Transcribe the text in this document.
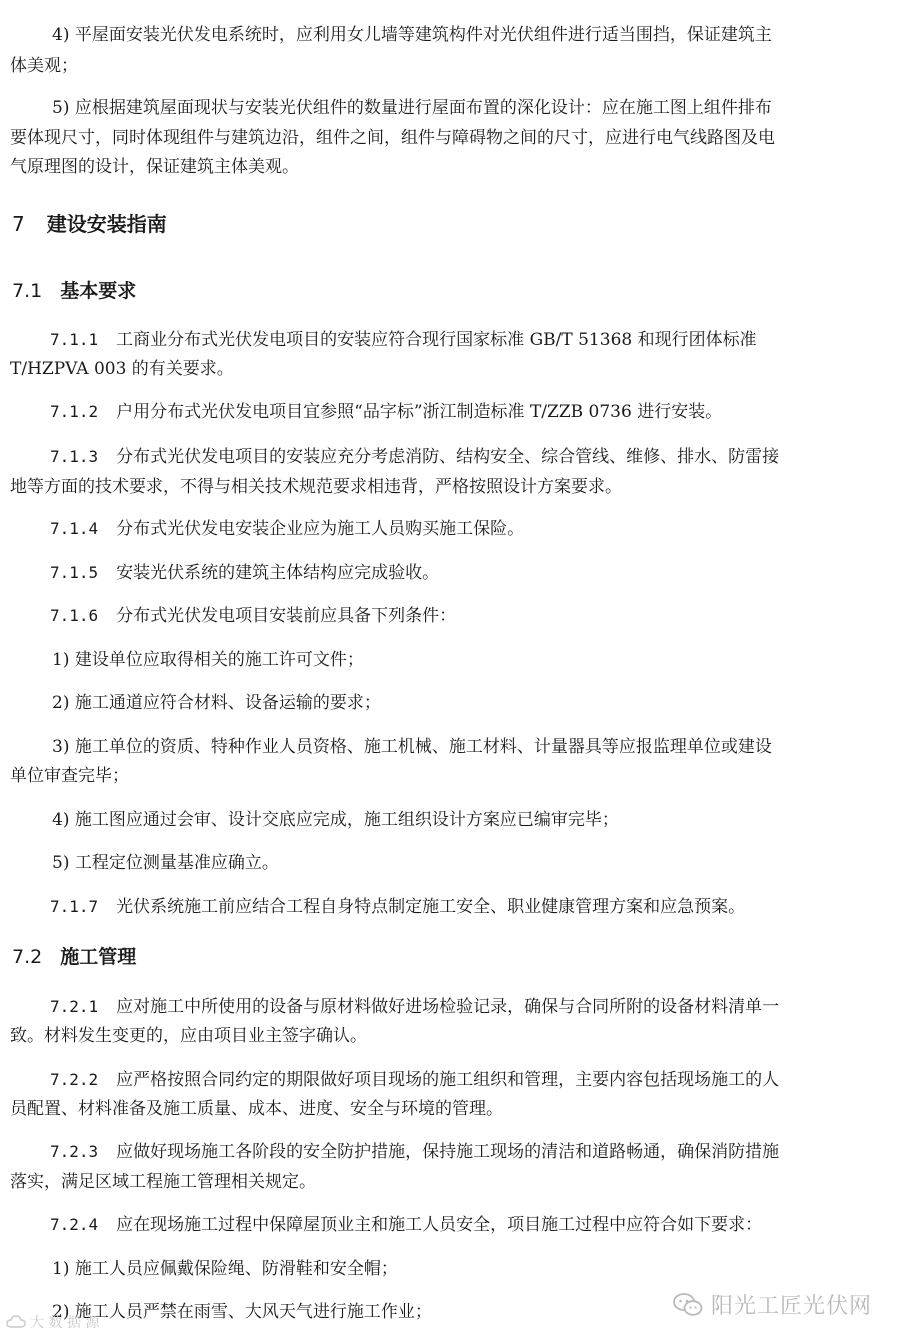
4) 平屋面安装光伏发电系统时，应利用女儿墙等建筑构件对光伏组件进行适当围挡，保证建筑主
体美观；
5) 应根据建筑屋面现状与安装光伏组件的数量进行屋面布置的深化设计：应在施工图上组件排布
要体现尺寸，同时体现组件与建筑边沿，组件之间，组件与障碍物之间的尺寸，应进行电气线路图及电
气原理图的设计，保证建筑主体美观。
7 建设安装指南
7.1 基本要求
7.1.1 工商业分布式光伏发电项目的安装应符合现行国家标准 GB/T 51368 和现行团体标准
T/HZPVA 003 的有关要求。
7.1.2 户用分布式光伏发电项目宜参照“品字标”浙江制造标准 T/ZZB 0736 进行安装。
7.1.3 分布式光伏发电项目的安装应充分考虑消防、结构安全、综合管线、维修、排水、防雷接
地等方面的技术要求，不得与相关技术规范要求相违背，严格按照设计方案要求。
7.1.4 分布式光伏发电安装企业应为施工人员购买施工保险。
7.1.5 安装光伏系统的建筑主体结构应完成验收。
7.1.6 分布式光伏发电项目安装前应具备下列条件：
1) 建设单位应取得相关的施工许可文件；
2) 施工通道应符合材料、设备运输的要求；
3) 施工单位的资质、特种作业人员资格、施工机械、施工材料、计量器具等应报监理单位或建设
单位审查完毕；
4) 施工图应通过会审、设计交底应完成，施工组织设计方案应已编审完毕；
5) 工程定位测量基准应确立。
7.1.7 光伏系统施工前应结合工程自身特点制定施工安全、职业健康管理方案和应急预案。
7.2 施工管理
7.2.1 应对施工中所使用的设备与原材料做好进场检验记录，确保与合同所附的设备材料清单一
致。材料发生变更的，应由项目业主签字确认。
7.2.2 应严格按照合同约定的期限做好项目现场的施工组织和管理，主要内容包括现场施工的人
员配置、材料准备及施工质量、成本、进度、安全与环境的管理。
7.2.3 应做好现场施工各阶段的安全防护措施，保持施工现场的清洁和道路畅通，确保消防措施
落实，满足区域工程施工管理相关规定。
7.2.4 应在现场施工过程中保障屋顶业主和施工人员安全，项目施工过程中应符合如下要求：
1) 施工人员应佩戴保险绳、防滑鞋和安全帽；
2) 施工人员严禁在雨雪、大风天气进行施工作业；
大 数 据 源
阳光工匠光伏网
